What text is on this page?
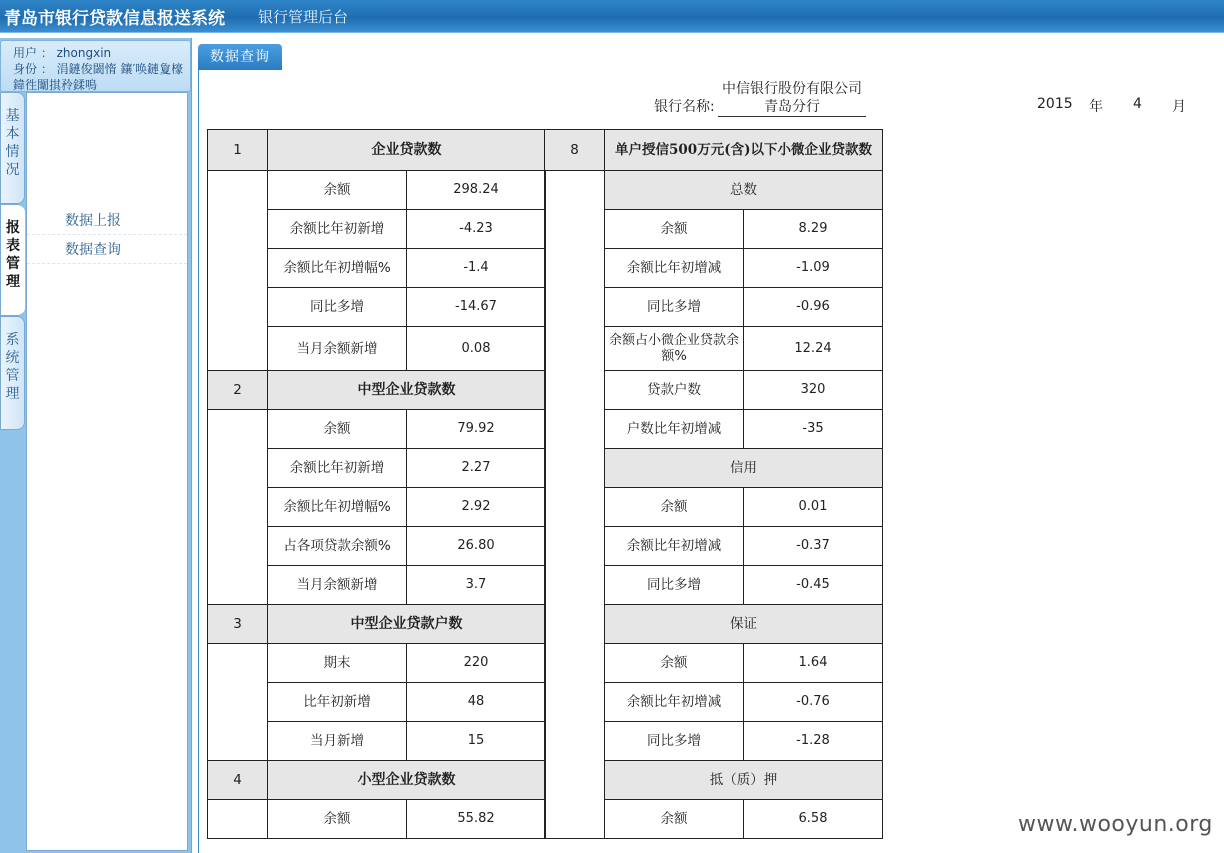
青岛市银行贷款信息报送系统 银行管理后台
用户 ： zhongxin
身份 ： 涓鏈俊閾惰 鑲′唤鏈夐檺
鍏徃闈掑矝鍒嗚
基本情况
报表管理
系统管理
数据上报
数据查询
数据查询
中信银行股份有限公司
银行名称:	青岛分行	2015 年 4 月
1	企业贷款数	
	余额	298.24
	余额比年初新增	-4.23
	余额比年初增幅%	-1.4
	同比多增	-14.67
	当月余额新增	0.08
2	中型企业贷款数	
	余额	79.92
	余额比年初新增	2.27
	余额比年初增幅%	2.92
	占各项贷款余额%	26.80
	当月余额新增	3.7
3	中型企业贷款户数	
	期末	220
	比年初新增	48
	当月新增	15
4	小型企业贷款数	
	余额	55.82
8	单户授信500万元(含)以下小微企业贷款数	
	总数	
	余额	8.29
	余额比年初增减	-1.09
	同比多增	-0.96
	余额占小微企业贷款余额%	12.24
	贷款户数	320
	户数比年初增减	-35
	信用	
	余额	0.01
	余额比年初增减	-0.37
	同比多增	-0.45
	保证	
	余额	1.64
	余额比年初增减	-0.76
	同比多增	-1.28
	抵（质）押	
	余额	6.58	www.wooyun.org
